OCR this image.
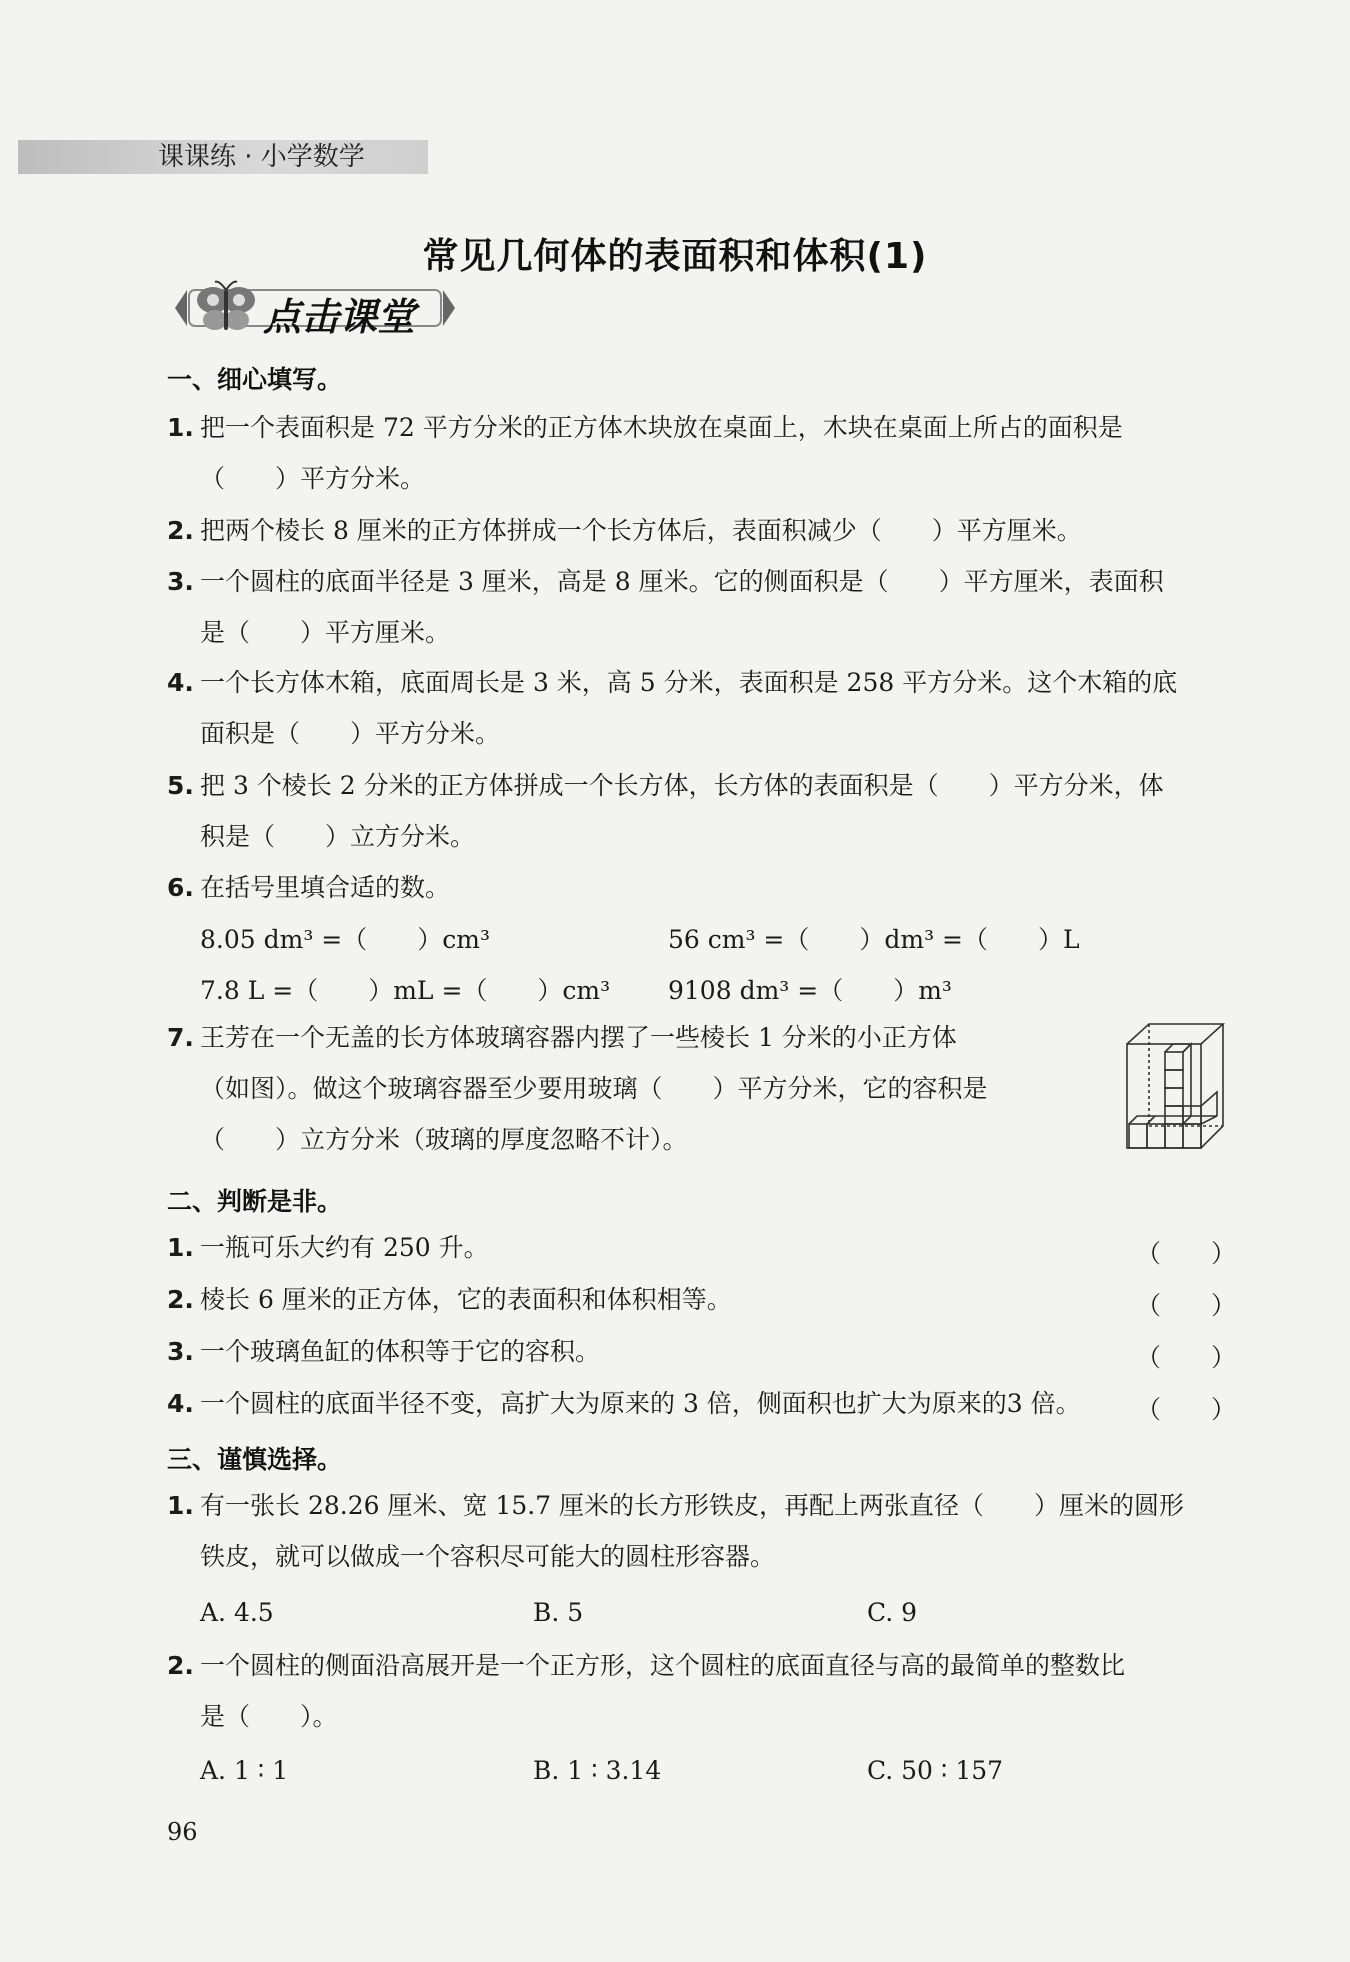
课课练 · 小学数学
常见几何体的表面积和体积(1)
点击课堂
一、细心填写。
1. 把一个表面积是 72 平方分米的正方体木块放在桌面上，木块在桌面上所占的面积是
（　　）平方分米。
2. 把两个棱长 8 厘米的正方体拼成一个长方体后，表面积减少（　　）平方厘米。
3. 一个圆柱的底面半径是 3 厘米，高是 8 厘米。它的侧面积是（　　）平方厘米，表面积
是（　　）平方厘米。
4. 一个长方体木箱，底面周长是 3 米，高 5 分米，表面积是 258 平方分米。这个木箱的底
面积是（　　）平方分米。
5. 把 3 个棱长 2 分米的正方体拼成一个长方体，长方体的表面积是（　　）平方分米，体
积是（　　）立方分米。
6. 在括号里填合适的数。
8.05 dm³ =（　　）cm³	56 cm³ =（　　）dm³ =（　　）L
7.8 L =（　　）mL =（　　）cm³ 9108 dm³ =（　　）m³
7. 王芳在一个无盖的长方体玻璃容器内摆了一些棱长 1 分米的小正方体
（如图）。做这个玻璃容器至少要用玻璃（　　）平方分米，它的容积是
（　　）立方分米（玻璃的厚度忽略不计）。
二、判断是非。
1. 一瓶可乐大约有 250 升。	（　　）
2. 棱长 6 厘米的正方体，它的表面积和体积相等。	（　　）
3. 一个玻璃鱼缸的体积等于它的容积。	（　　）
4. 一个圆柱的底面半径不变，高扩大为原来的 3 倍，侧面积也扩大为原来的3 倍。	（　　）
三、谨慎选择。
1. 有一张长 28.26 厘米、宽 15.7 厘米的长方形铁皮，再配上两张直径（　　）厘米的圆形
铁皮，就可以做成一个容积尽可能大的圆柱形容器。
A. 4.5	B. 5	C. 9
2. 一个圆柱的侧面沿高展开是一个正方形，这个圆柱的底面直径与高的最简单的整数比
是（　　）。
A. 1 ∶ 1	B. 1 ∶ 3.14	C. 50 ∶ 157
96
